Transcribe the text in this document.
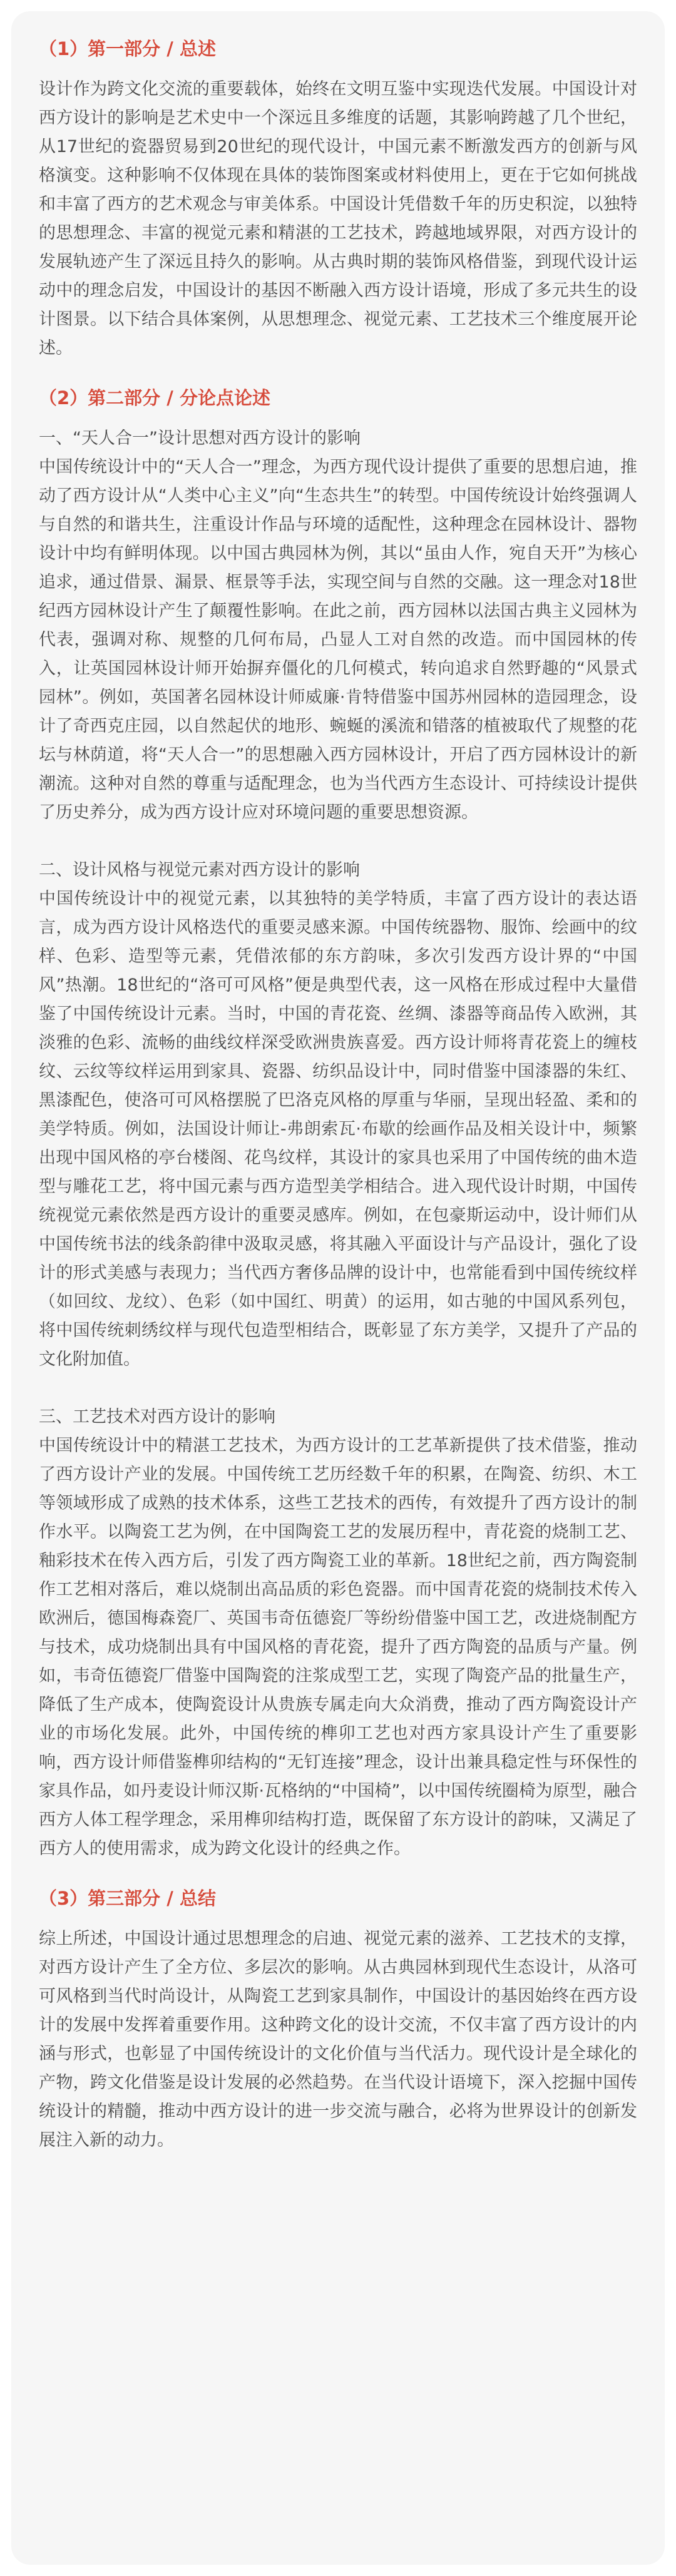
（1）第一部分 / 总述

设计作为跨文化交流的重要载体，始终在文明互鉴中实现迭代发展。中国设计对西方设计的影响是艺术史中一个深远且多维度的话题，其影响跨越了几个世纪，从17世纪的瓷器贸易到20世纪的现代设计，中国元素不断激发西方的创新与风格演变。这种影响不仅体现在具体的装饰图案或材料使用上，更在于它如何挑战和丰富了西方的艺术观念与审美体系。中国设计凭借数千年的历史积淀，以独特的思想理念、丰富的视觉元素和精湛的工艺技术，跨越地域界限，对西方设计的发展轨迹产生了深远且持久的影响。从古典时期的装饰风格借鉴，到现代设计运动中的理念启发，中国设计的基因不断融入西方设计语境，形成了多元共生的设计图景。以下结合具体案例，从思想理念、视觉元素、工艺技术三个维度展开论述。

（2）第二部分 / 分论点论述

一、“天人合一”设计思想对西方设计的影响

中国传统设计中的“天人合一”理念，为西方现代设计提供了重要的思想启迪，推动了西方设计从“人类中心主义”向“生态共生”的转型。中国传统设计始终强调人与自然的和谐共生，注重设计作品与环境的适配性，这种理念在园林设计、器物设计中均有鲜明体现。以中国古典园林为例，其以“虽由人作，宛自天开”为核心追求，通过借景、漏景、框景等手法，实现空间与自然的交融。这一理念对18世纪西方园林设计产生了颠覆性影响。在此之前，西方园林以法国古典主义园林为代表，强调对称、规整的几何布局，凸显人工对自然的改造。而中国园林的传入，让英国园林设计师开始摒弃僵化的几何模式，转向追求自然野趣的“风景式园林”。例如，英国著名园林设计师威廉·肯特借鉴中国苏州园林的造园理念，设计了奇西克庄园，以自然起伏的地形、蜿蜒的溪流和错落的植被取代了规整的花坛与林荫道，将“天人合一”的思想融入西方园林设计，开启了西方园林设计的新潮流。这种对自然的尊重与适配理念，也为当代西方生态设计、可持续设计提供了历史养分，成为西方设计应对环境问题的重要思想资源。

二、设计风格与视觉元素对西方设计的影响

中国传统设计中的视觉元素，以其独特的美学特质，丰富了西方设计的表达语言，成为西方设计风格迭代的重要灵感来源。中国传统器物、服饰、绘画中的纹样、色彩、造型等元素，凭借浓郁的东方韵味，多次引发西方设计界的“中国风”热潮。18世纪的“洛可可风格”便是典型代表，这一风格在形成过程中大量借鉴了中国传统设计元素。当时，中国的青花瓷、丝绸、漆器等商品传入欧洲，其淡雅的色彩、流畅的曲线纹样深受欧洲贵族喜爱。西方设计师将青花瓷上的缠枝纹、云纹等纹样运用到家具、瓷器、纺织品设计中，同时借鉴中国漆器的朱红、黑漆配色，使洛可可风格摆脱了巴洛克风格的厚重与华丽，呈现出轻盈、柔和的美学特质。例如，法国设计师让-弗朗索瓦·布歇的绘画作品及相关设计中，频繁出现中国风格的亭台楼阁、花鸟纹样，其设计的家具也采用了中国传统的曲木造型与雕花工艺，将中国元素与西方造型美学相结合。进入现代设计时期，中国传统视觉元素依然是西方设计的重要灵感库。例如，在包豪斯运动中，设计师们从中国传统书法的线条韵律中汲取灵感，将其融入平面设计与产品设计，强化了设计的形式美感与表现力；当代西方奢侈品牌的设计中，也常能看到中国传统纹样（如回纹、龙纹）、色彩（如中国红、明黄）的运用，如古驰的中国风系列包，将中国传统刺绣纹样与现代包造型相结合，既彰显了东方美学，又提升了产品的文化附加值。

三、工艺技术对西方设计的影响

中国传统设计中的精湛工艺技术，为西方设计的工艺革新提供了技术借鉴，推动了西方设计产业的发展。中国传统工艺历经数千年的积累，在陶瓷、纺织、木工等领域形成了成熟的技术体系，这些工艺技术的西传，有效提升了西方设计的制作水平。以陶瓷工艺为例，在中国陶瓷工艺的发展历程中，青花瓷的烧制工艺、釉彩技术在传入西方后，引发了西方陶瓷工业的革新。18世纪之前，西方陶瓷制作工艺相对落后，难以烧制出高品质的彩色瓷器。而中国青花瓷的烧制技术传入欧洲后，德国梅森瓷厂、英国韦奇伍德瓷厂等纷纷借鉴中国工艺，改进烧制配方与技术，成功烧制出具有中国风格的青花瓷，提升了西方陶瓷的品质与产量。例如，韦奇伍德瓷厂借鉴中国陶瓷的注浆成型工艺，实现了陶瓷产品的批量生产，降低了生产成本，使陶瓷设计从贵族专属走向大众消费，推动了西方陶瓷设计产业的市场化发展。此外，中国传统的榫卯工艺也对西方家具设计产生了重要影响，西方设计师借鉴榫卯结构的“无钉连接”理念，设计出兼具稳定性与环保性的家具作品，如丹麦设计师汉斯·瓦格纳的“中国椅”，以中国传统圈椅为原型，融合西方人体工程学理念，采用榫卯结构打造，既保留了东方设计的韵味，又满足了西方人的使用需求，成为跨文化设计的经典之作。

（3）第三部分 / 总结

综上所述，中国设计通过思想理念的启迪、视觉元素的滋养、工艺技术的支撑，对西方设计产生了全方位、多层次的影响。从古典园林到现代生态设计，从洛可可风格到当代时尚设计，从陶瓷工艺到家具制作，中国设计的基因始终在西方设计的发展中发挥着重要作用。这种跨文化的设计交流，不仅丰富了西方设计的内涵与形式，也彰显了中国传统设计的文化价值与当代活力。现代设计是全球化的产物，跨文化借鉴是设计发展的必然趋势。在当代设计语境下，深入挖掘中国传统设计的精髓，推动中西方设计的进一步交流与融合，必将为世界设计的创新发展注入新的动力。
